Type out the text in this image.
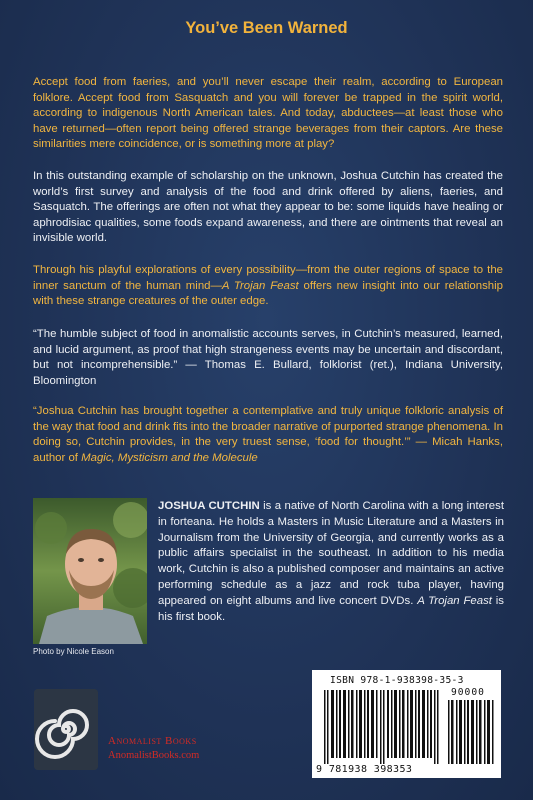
You’ve Been Warned
Accept food from faeries, and you’ll never escape their realm, according to European folklore. Accept food from Sasquatch and you will forever be trapped in the spirit world, according to indigenous North American tales. And today, abductees—at least those who have returned—often report being offered strange beverages from their captors. Are these similarities mere coincidence, or is something more at play?
In this outstanding example of scholarship on the unknown, Joshua Cutchin has created the world’s first survey and analysis of the food and drink offered by aliens, faeries, and Sasquatch. The offerings are often not what they appear to be: some liquids have healing or aphrodisiac qualities, some foods expand awareness, and there are ointments that reveal an invisible world.
Through his playful explorations of every possibility—from the outer regions of space to the inner sanctum of the human mind—A Trojan Feast offers new insight into our relationship with these strange creatures of the outer edge.
“The humble subject of food in anomalistic accounts serves, in Cutchin’s measured, learned, and lucid argument, as proof that high strangeness events may be uncertain and discordant, but not incomprehensible.” — Thomas E. Bullard, folklorist (ret.), Indiana University, Bloomington
“Joshua Cutchin has brought together a contemplative and truly unique folkloric analysis of the way that food and drink fits into the broader narrative of purported strange phenomena. In doing so, Cutchin provides, in the very truest sense, ‘food for thought.’” — Micah Hanks, author of Magic, Mysticism and the Molecule
Photo by Nicole Eason
JOSHUA CUTCHIN is a native of North Carolina with a long interest in forteana. He holds a Masters in Music Literature and a Masters in Journalism from the University of Georgia, and currently works as a public affairs specialist in the southeast. In addition to his media work, Cutchin is also a published composer and maintains an active performing schedule as a jazz and rock tuba player, having appeared on eight albums and live concert DVDs. A Trojan Feast is his first book.
Anomalist Books
AnomalistBooks.com
ISBN 978-1-938398-35-3
90000
9 781938 398353
